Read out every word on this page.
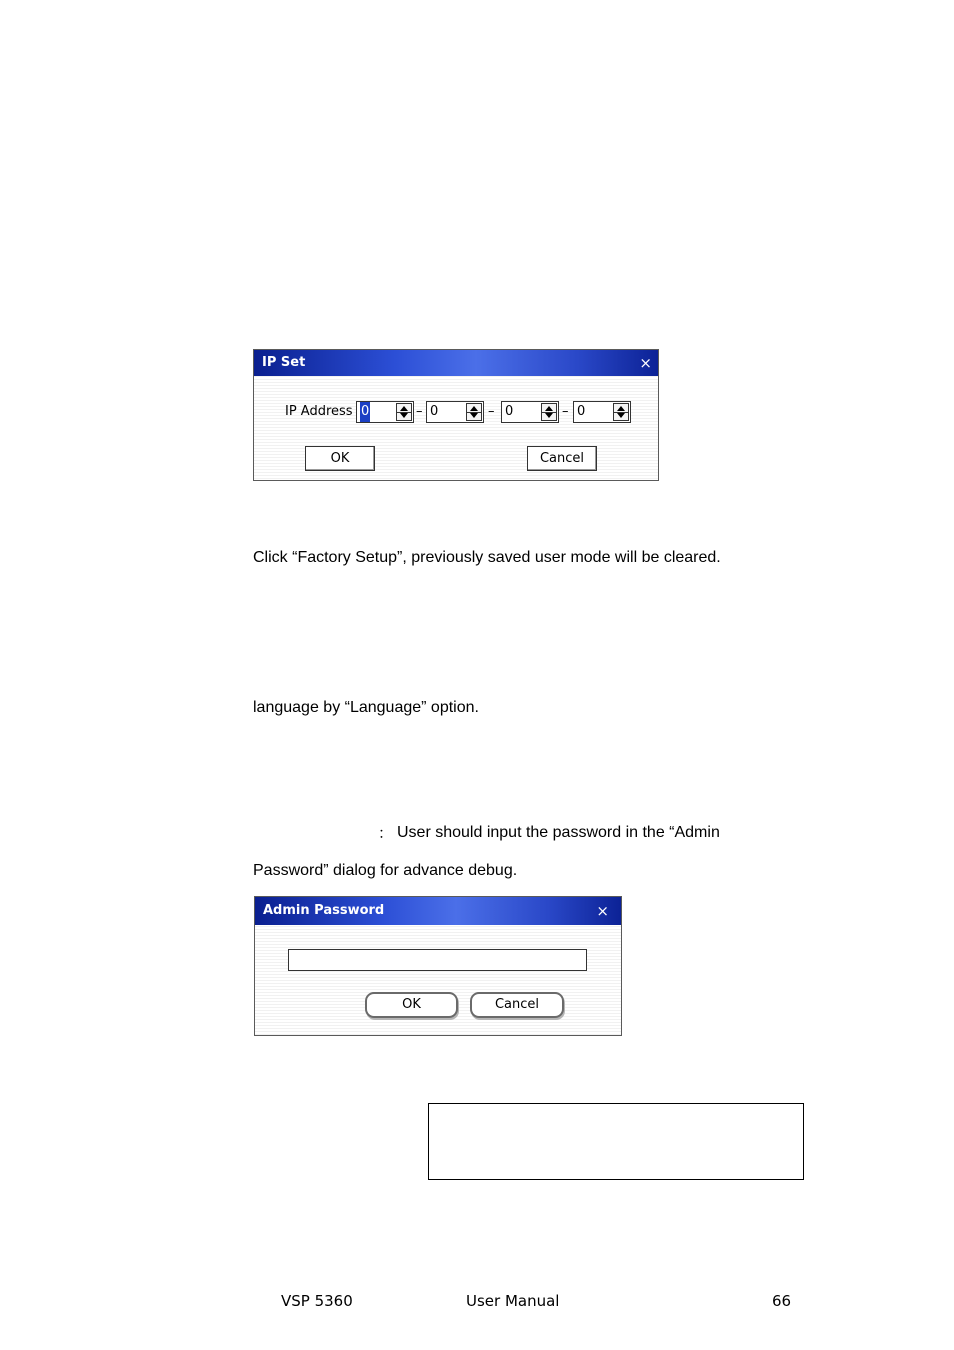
IP Set	×
IP Address 0	– 0	– 0	– 0
OK	Cancel
Click “Factory Setup”, previously saved user mode will be cleared.
language by “Language” option.
： User should input the password in the “Admin
Password” dialog for advance debug.
Admin Password	×
OK	Cancel
VSP 5360	User Manual	66
